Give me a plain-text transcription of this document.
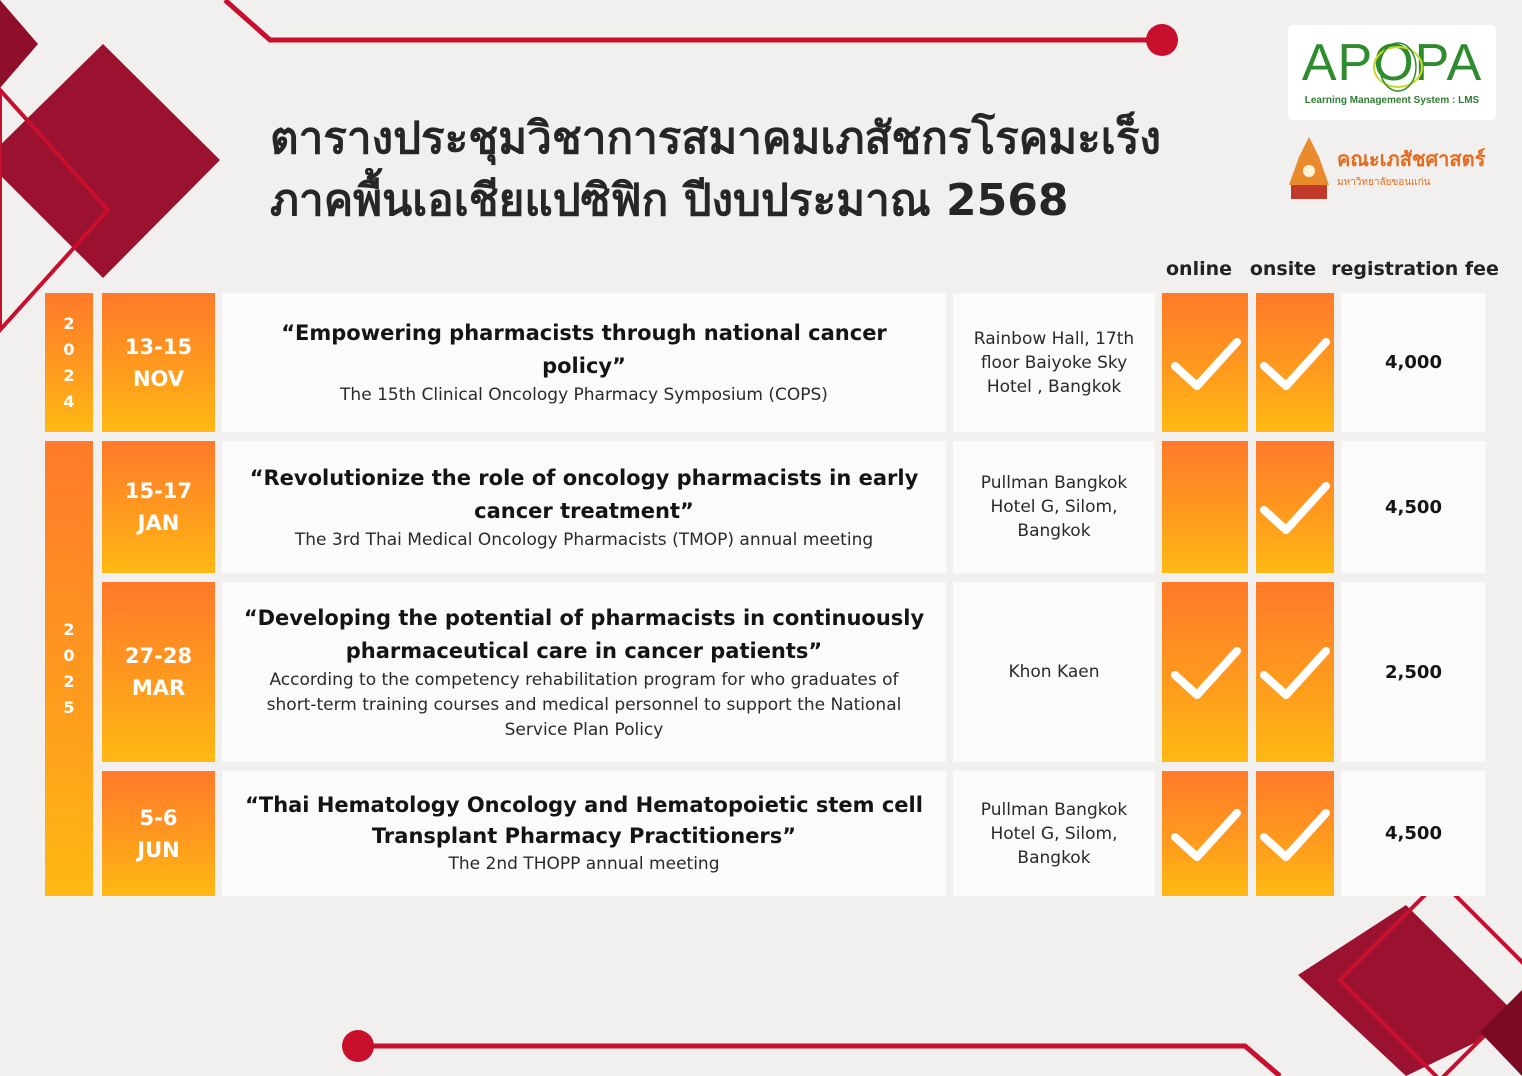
ตารางประชุมวิชาการสมาคมเภสัชกรโรคมะเร็ง
ภาคพื้นเอเชียแปซิฟิก ปีงบประมาณ 2568
APOPA
Learning Management System : LMS
คณะเภสัชศาสตร์
มหาวิทยาลัยขอนแก่น
online onsite registration fee
2
0
2
4
2
0
2
5
13-15
NOV
“Empowering pharmacists through national cancer policy”
The 15th Clinical Oncology Pharmacy Symposium (COPS)
Rainbow Hall, 17th floor Baiyoke Sky Hotel , Bangkok
4,000
15-17
JAN
“Revolutionize the role of oncology pharmacists in early cancer treatment”
The 3rd Thai Medical Oncology Pharmacists (TMOP) annual meeting
Pullman Bangkok Hotel G, Silom, Bangkok
4,500
27-28
MAR
“Developing the potential of pharmacists in continuously pharmaceutical care in cancer patients”
According to the competency rehabilitation program for who graduates of short-term training courses and medical personnel to support the National Service Plan Policy
Khon Kaen	2,500
5-6
JUN
“Thai Hematology Oncology and Hematopoietic stem cell Transplant Pharmacy Practitioners”
The 2nd THOPP annual meeting
Pullman Bangkok Hotel G, Silom, Bangkok
4,500
